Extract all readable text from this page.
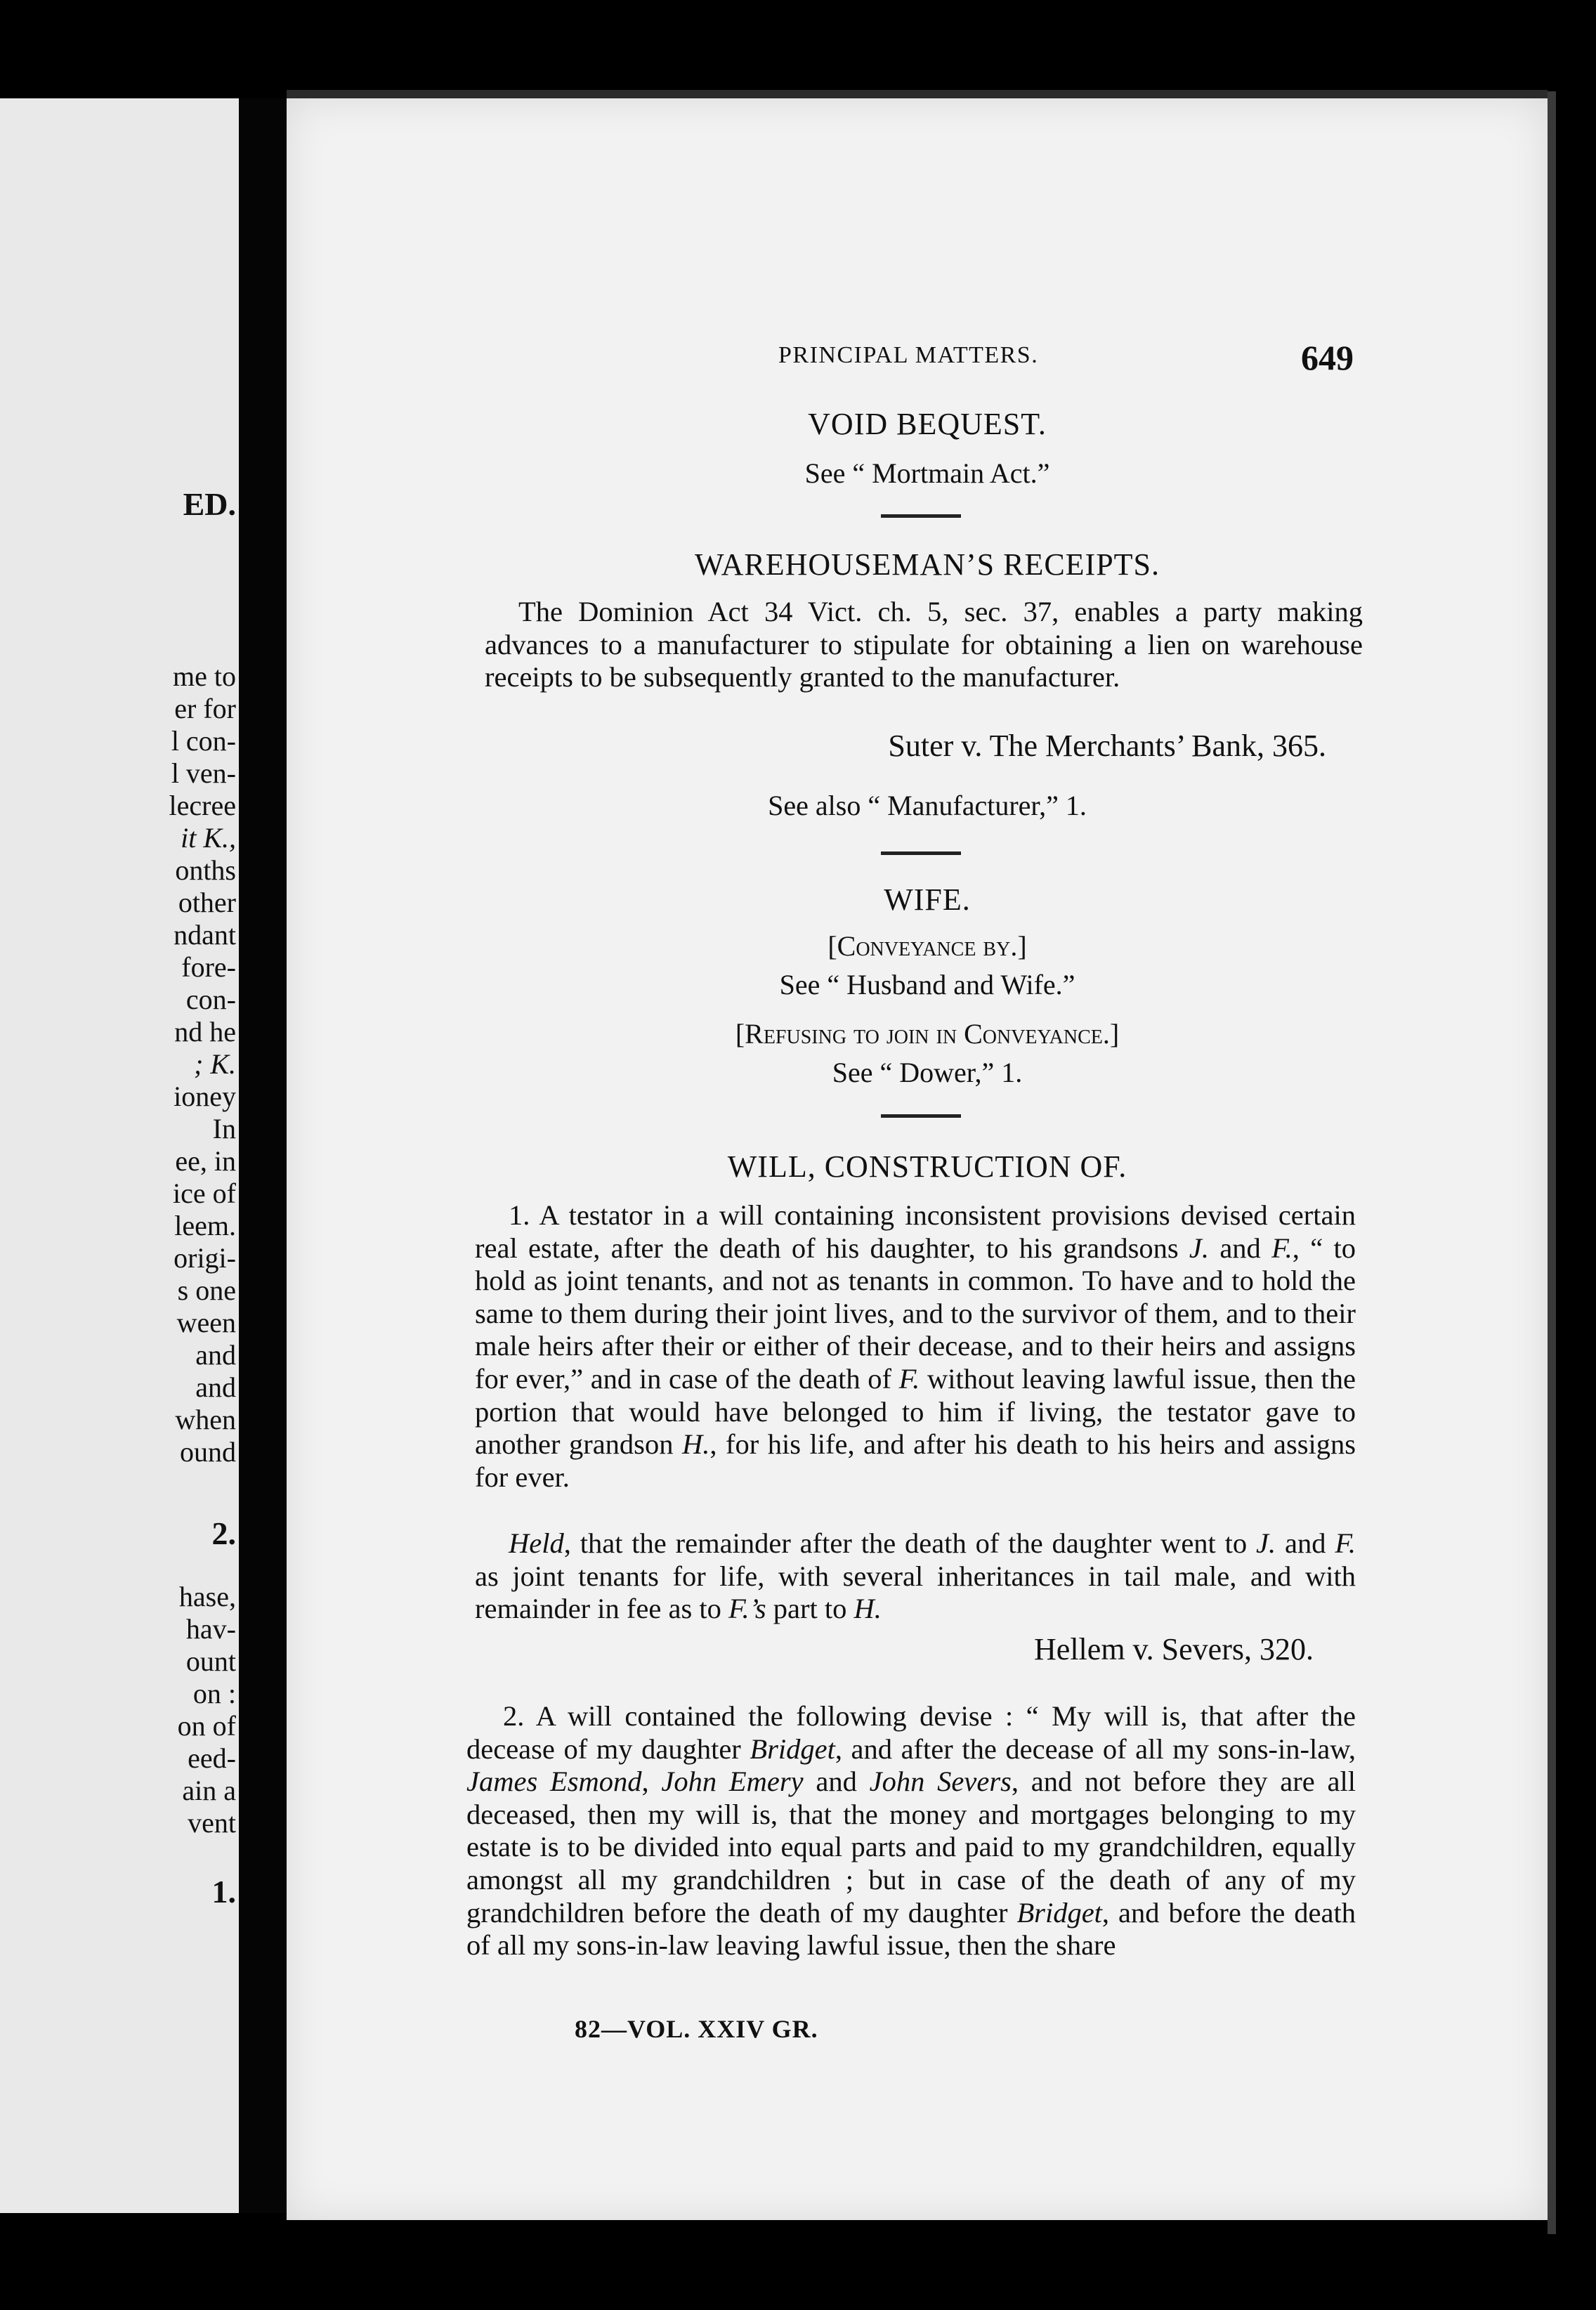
ED.
me to
er for
l con-
l ven-
lecree
it K.,
onths
other
ndant
fore-
con-
nd he
; K.
ioney
In
ee, in
ice of
leem.
origi-
s one
ween
and
and
when
ound
2.
hase,
hav-
ount
on :
on of
eed-
ain a
vent
1.
PRINCIPAL MATTERS.	649
VOID BEQUEST.
See “ Mortmain Act.”
WAREHOUSEMAN’S RECEIPTS.
The Dominion Act 34 Vict. ch. 5, sec. 37, enables a party making advances to a manufacturer to stipulate for obtaining a lien on warehouse receipts to be subsequently granted to the manufacturer.
Suter v. The Merchants’ Bank, 365.
See also “ Manufacturer,” 1.
WIFE.
[Conveyance by.]
See “ Husband and Wife.”
[Refusing to join in Conveyance.]
See “ Dower,” 1.
WILL, CONSTRUCTION OF.
1. A testator in a will containing inconsistent provisions devised certain real estate, after the death of his daughter, to his grandsons J. and F., “ to hold as joint tenants, and not as tenants in common. To have and to hold the same to them during their joint lives, and to the survivor of them, and to their male heirs after their or either of their decease, and to their heirs and assigns for ever,” and in case of the death of F. without leaving lawful issue, then the portion that would have belonged to him if living, the testator gave to another grandson H., for his life, and after his death to his heirs and assigns for ever.
Held, that the remainder after the death of the daughter went to J. and F. as joint tenants for life, with several inheritances in tail male, and with remainder in fee as to F.’s part to H.
Hellem v. Severs, 320.
2. A will contained the following devise : “ My will is, that after the decease of my daughter Bridget, and after the decease of all my sons-in-law, James Esmond, John Emery and John Severs, and not before they are all deceased, then my will is, that the money and mortgages belonging to my estate is to be divided into equal parts and paid to my grandchildren, equally amongst all my grandchildren ; but in case of the death of any of my grandchildren before the death of my daughter Bridget, and before the death of all my sons-in-law leaving lawful issue, then the share
82—VOL. XXIV GR.
